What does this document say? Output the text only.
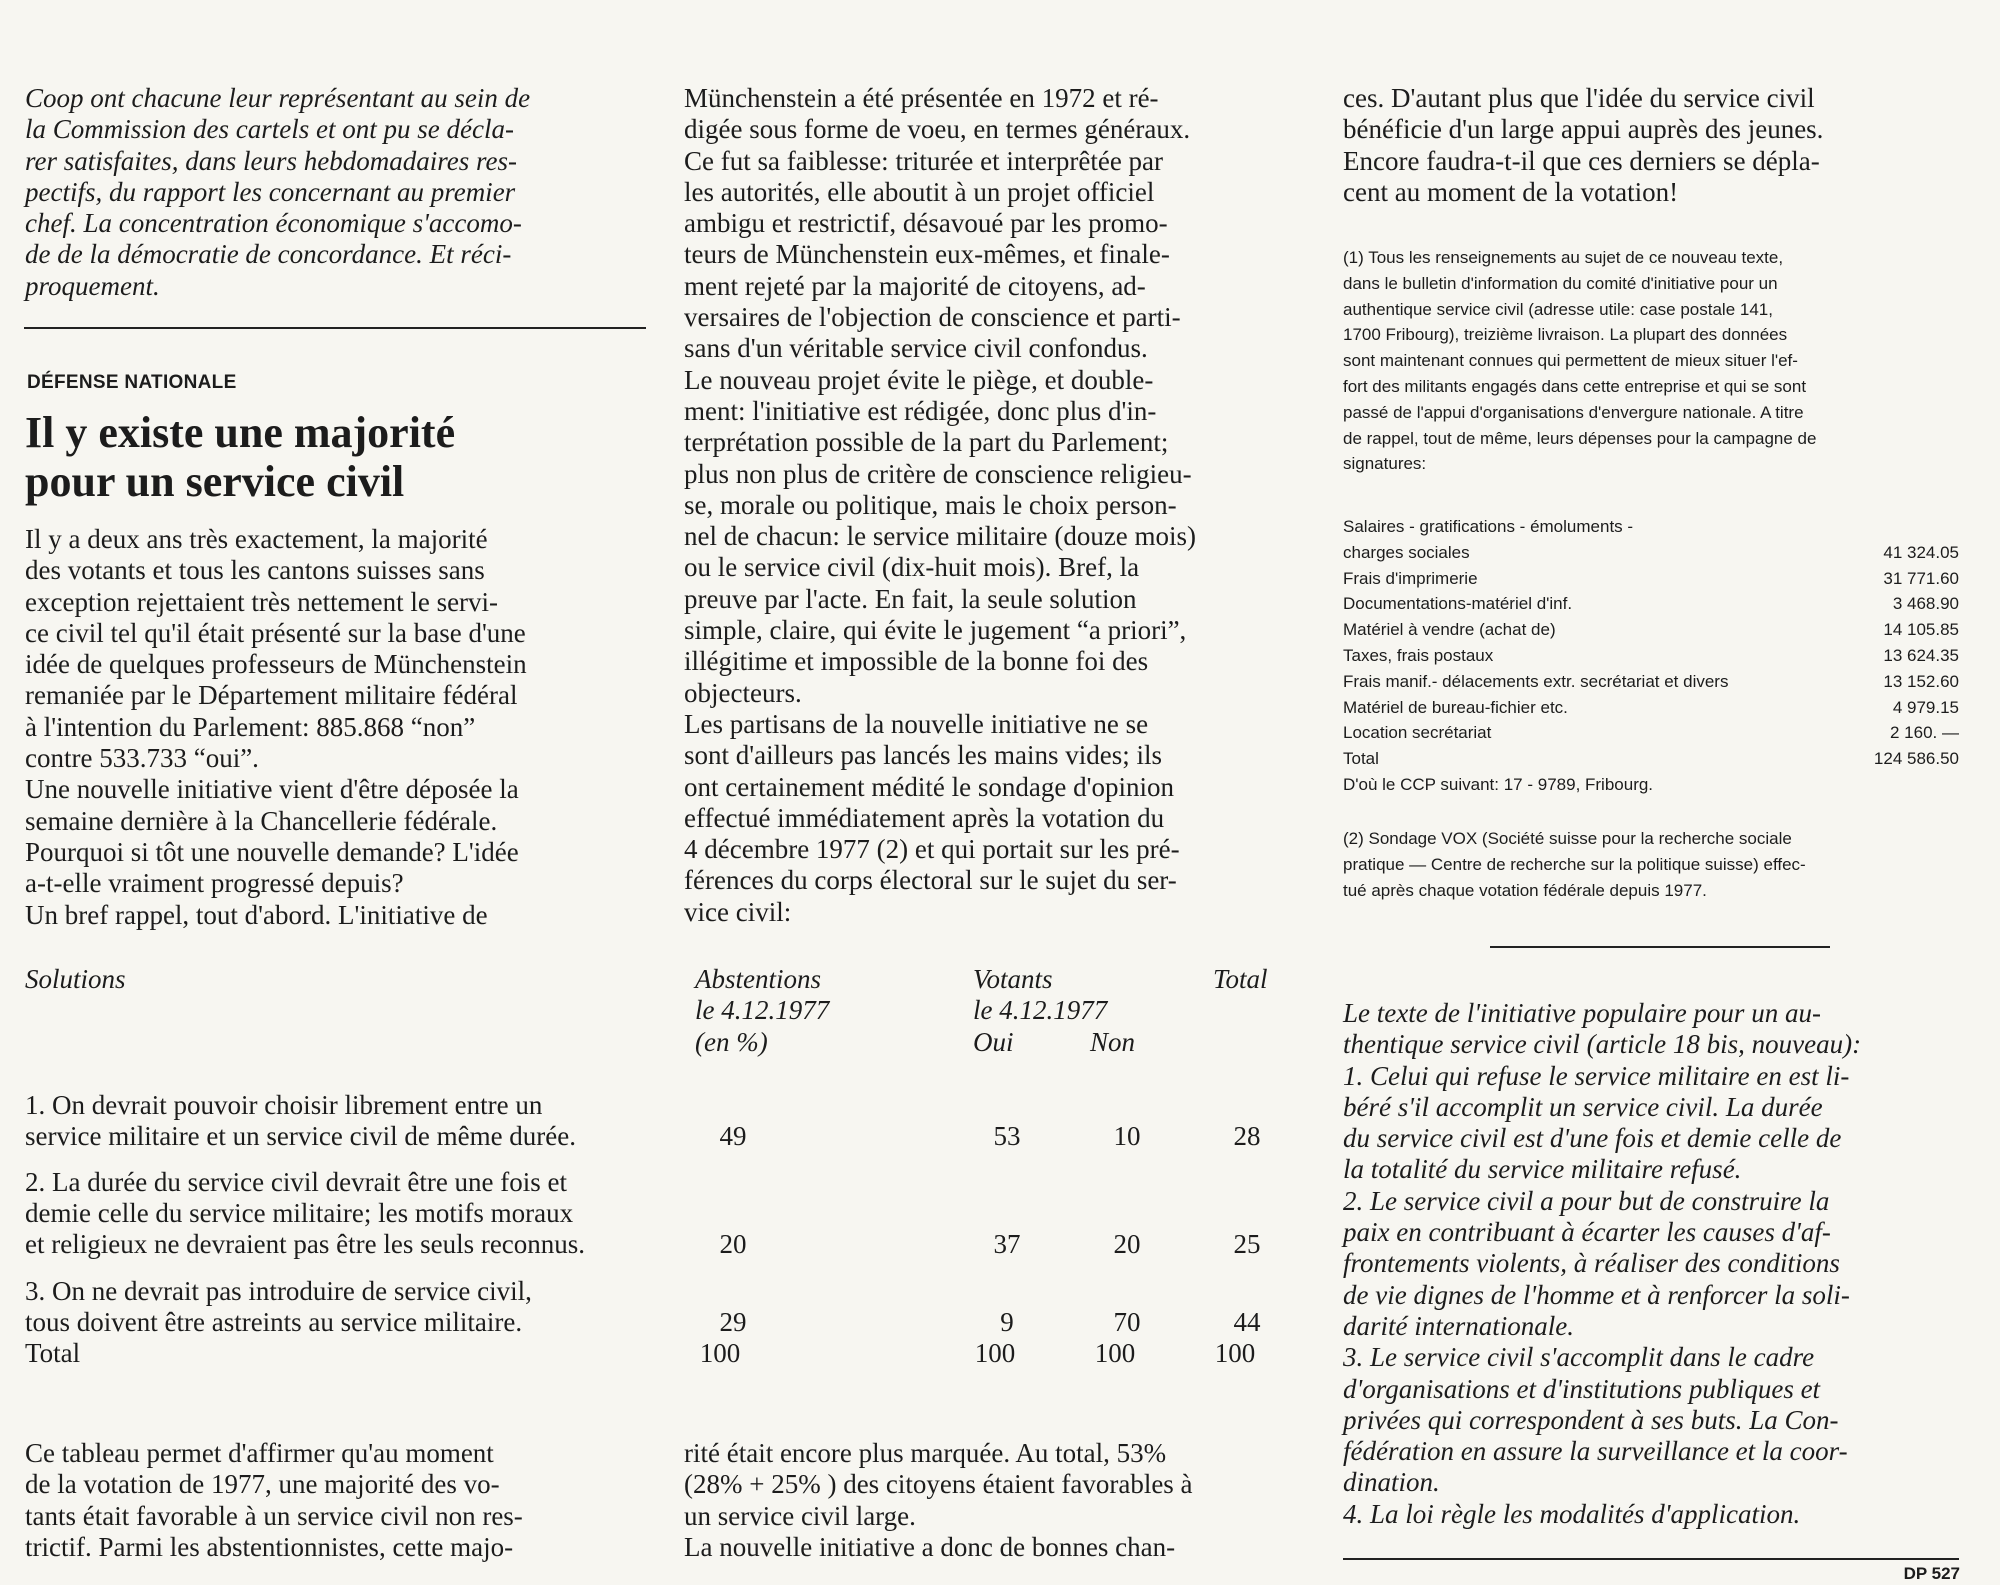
Coop ont chacune leur représentant au sein de
la Commission des cartels et ont pu se décla-
rer satisfaites, dans leurs hebdomadaires res-
pectifs, du rapport les concernant au premier
chef. La concentration économique s'accomo-
de de la démocratie de concordance. Et réci-
proquement.
DÉFENSE NATIONALE
Il y existe une majorité
pour un service civil
Il y a deux ans très exactement, la majorité
des votants et tous les cantons suisses sans
exception rejettaient très nettement le servi-
ce civil tel qu'il était présenté sur la base d'une
idée de quelques professeurs de Münchenstein
remaniée par le Département militaire fédéral
à l'intention du Parlement: 885.868 “non”
contre 533.733 “oui”.
Une nouvelle initiative vient d'être déposée la
semaine dernière à la Chancellerie fédérale.
Pourquoi si tôt une nouvelle demande? L'idée
a-t-elle vraiment progressé depuis?
Un bref rappel, tout d'abord. L'initiative de
Münchenstein a été présentée en 1972 et ré-
digée sous forme de voeu, en termes généraux.
Ce fut sa faiblesse: triturée et interprêtée par
les autorités, elle aboutit à un projet officiel
ambigu et restrictif, désavoué par les promo-
teurs de Münchenstein eux-mêmes, et finale-
ment rejeté par la majorité de citoyens, ad-
versaires de l'objection de conscience et parti-
sans d'un véritable service civil confondus.
Le nouveau projet évite le piège, et double-
ment: l'initiative est rédigée, donc plus d'in-
terprétation possible de la part du Parlement;
plus non plus de critère de conscience religieu-
se, morale ou politique, mais le choix person-
nel de chacun: le service militaire (douze mois)
ou le service civil (dix-huit mois). Bref, la
preuve par l'acte. En fait, la seule solution
simple, claire, qui évite le jugement “a priori”,
illégitime et impossible de la bonne foi des
objecteurs.
Les partisans de la nouvelle initiative ne se
sont d'ailleurs pas lancés les mains vides; ils
ont certainement médité le sondage d'opinion
effectué immédiatement après la votation du
4 décembre 1977 (2) et qui portait sur les pré-
férences du corps électoral sur le sujet du ser-
vice civil:
ces. D'autant plus que l'idée du service civil
bénéficie d'un large appui auprès des jeunes.
Encore faudra-t-il que ces derniers se dépla-
cent au moment de la votation!
(1) Tous les renseignements au sujet de ce nouveau texte,
dans le bulletin d'information du comité d'initiative pour un
authentique service civil (adresse utile: case postale 141,
1700 Fribourg), treizième livraison. La plupart des données
sont maintenant connues qui permettent de mieux situer l'ef-
fort des militants engagés dans cette entreprise et qui se sont
passé de l'appui d'organisations d'envergure nationale. A titre
de rappel, tout de même, leurs dépenses pour la campagne de
signatures:
Salaires - gratifications - émoluments -
charges sociales	41 324.05
Frais d'imprimerie	31 771.60
Documentations-matériel d'inf.	3 468.90
Matériel à vendre (achat de)	14 105.85
Taxes, frais postaux	13 624.35
Frais manif.- délacements extr. secrétariat et divers	13 152.60
Matériel de bureau-fichier etc.	4 979.15
Location secrétariat	2 160. —
Total	124 586.50
D'où le CCP suivant: 17 - 9789, Fribourg.
(2) Sondage VOX (Société suisse pour la recherche sociale
pratique — Centre de recherche sur la politique suisse) effec-
tué après chaque votation fédérale depuis 1977.
Le texte de l'initiative populaire pour un au-
thentique service civil (article 18 bis, nouveau):
1. Celui qui refuse le service militaire en est li-
béré s'il accomplit un service civil. La durée
du service civil est d'une fois et demie celle de
la totalité du service militaire refusé.
2. Le service civil a pour but de construire la
paix en contribuant à écarter les causes d'af-
frontements violents, à réaliser des conditions
de vie dignes de l'homme et à renforcer la soli-
darité internationale.
3. Le service civil s'accomplit dans le cadre
d'organisations et d'institutions publiques et
privées qui correspondent à ses buts. La Con-
fédération en assure la surveillance et la coor-
dination.
4. La loi règle les modalités d'application.
DP 527
Solutions	Abstentions
le 4.12.1977
(en %)
Votants
le 4.12.1977
Oui	Non
Total
1. On devrait pouvoir choisir librement entre un
service militaire et un service civil de même durée.	49	53	10	28
2. La durée du service civil devrait être une fois et
demie celle du service militaire; les motifs moraux
et religieux ne devraient pas être les seuls reconnus.	20	37	20	25
3. On ne devrait pas introduire de service civil,
tous doivent être astreints au service militaire.	29	9	70	44
Total	100	100	100	100
Ce tableau permet d'affirmer qu'au moment
de la votation de 1977, une majorité des vo-
tants était favorable à un service civil non res-
trictif. Parmi les abstentionnistes, cette majo-
rité était encore plus marquée. Au total, 53%
(28% + 25% ) des citoyens étaient favorables à
un service civil large.
La nouvelle initiative a donc de bonnes chan-
